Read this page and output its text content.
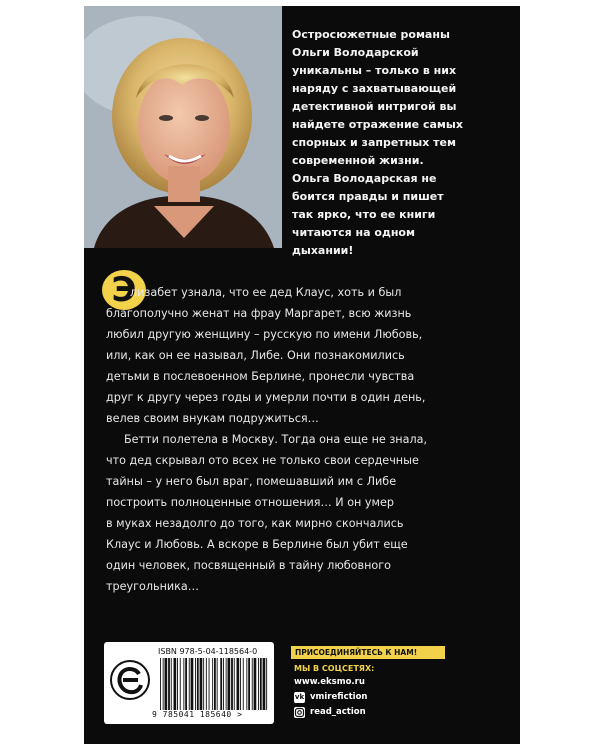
Остросюжетные романы
Ольги Володарской
уникальны – только в них
наряду с захватывающей
детективной интригой вы
найдете отражение самых
спорных и запретных тем
современной жизни.
Ольга Володарская не
боится правды и пишет
так ярко, что ее книги
читаются на одном
дыхании!
Э
лизабет узнала, что ее дед Клаус, хоть и был
благополучно женат на фрау Маргарет, всю жизнь
любил другую женщину – русскую по имени Любовь,
или, как он ее называл, Либе. Они познакомились
детьми в послевоенном Берлине, пронесли чувства
друг к другу через годы и умерли почти в один день,
велев своим внукам подружиться…
Бетти полетела в Москву. Тогда она еще не знала,
что дед скрывал ото всех не только свои сердечные
тайны – у него был враг, помешавший им с Либе
построить полноценные отношения… И он умер
в муках незадолго до того, как мирно скончались
Клаус и Любовь. А вскоре в Берлине был убит еще
один человек, посвященный в тайну любовного
треугольника…
ISBN 978-5-04-118564-0
9 785041 185640 >
ПРИСОЕДИНЯЙТЕСЬ К НАМ!
МЫ В СОЦСЕТЯХ:
www.eksmo.ru
vk vmirefiction
read_action
